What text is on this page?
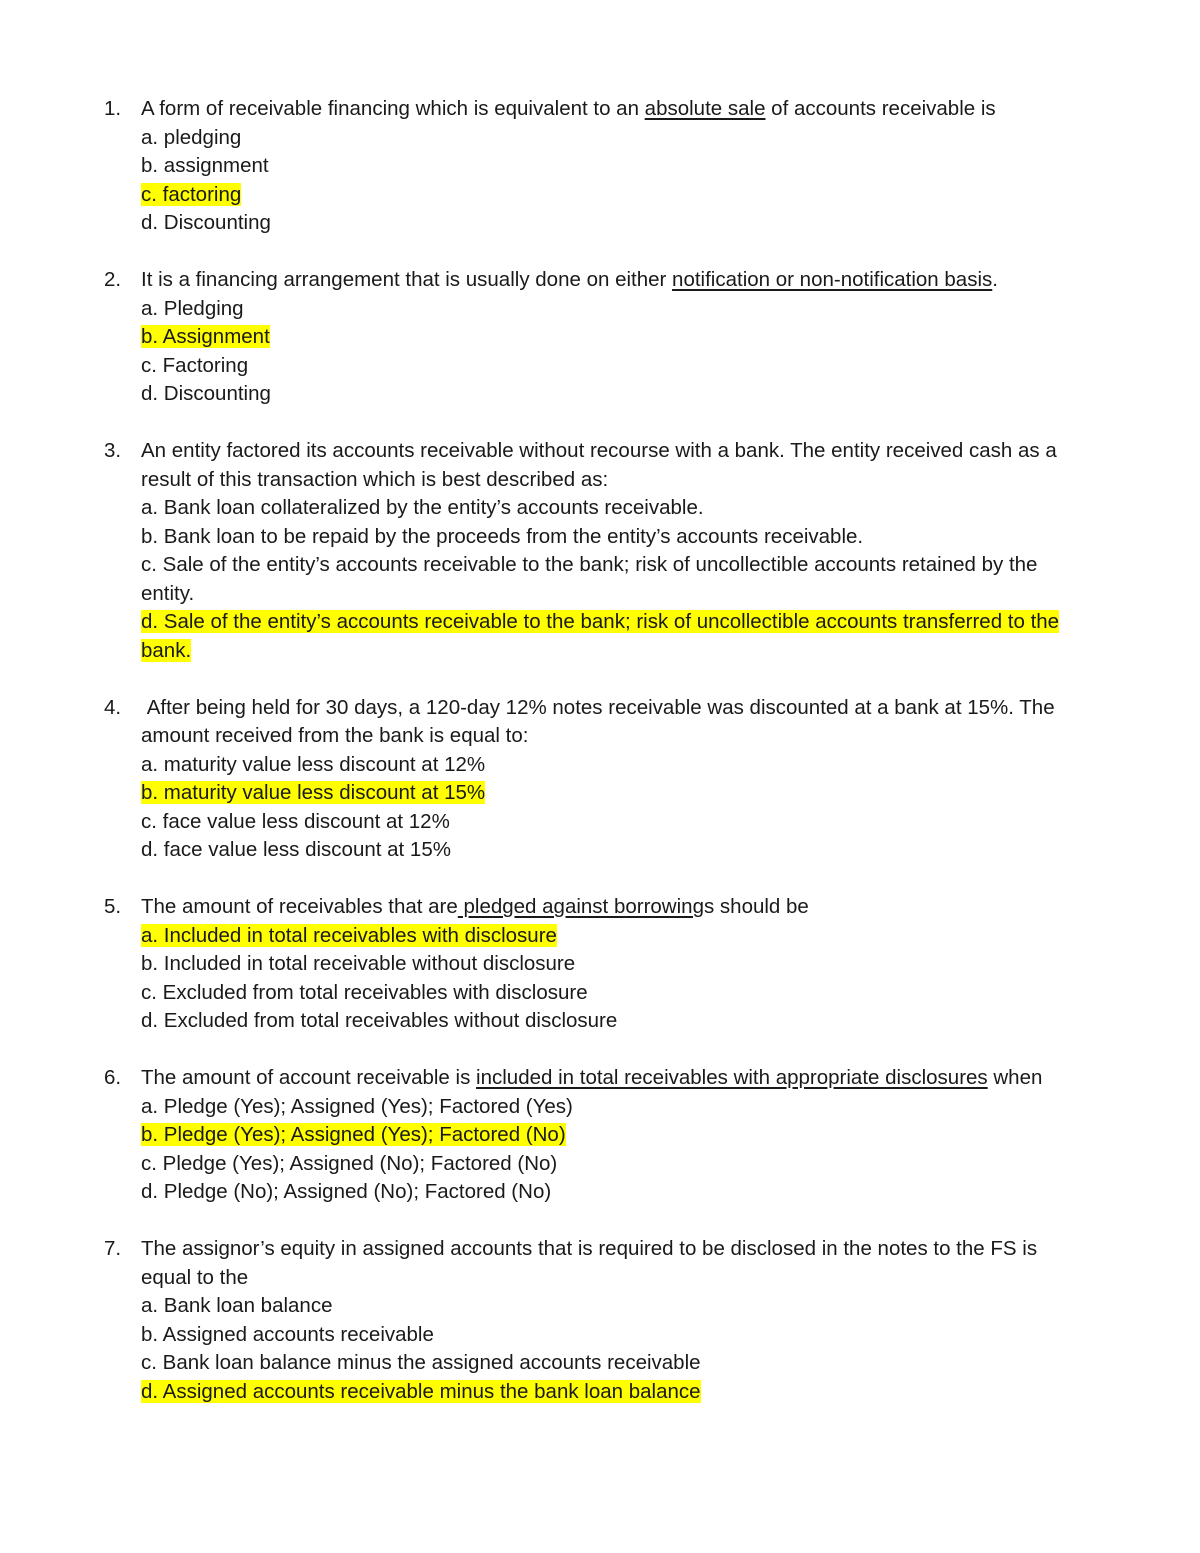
1. A form of receivable financing which is equivalent to an absolute sale of accounts receivable is
a. pledging
b. assignment
c. factoring
d. Discounting
2. It is a financing arrangement that is usually done on either notification or non-notification basis.
a. Pledging
b. Assignment
c. Factoring
d. Discounting
3. An entity factored its accounts receivable without recourse with a bank. The entity received cash as a result of this transaction which is best described as:
a. Bank loan collateralized by the entity’s accounts receivable.
b. Bank loan to be repaid by the proceeds from the entity’s accounts receivable.
c. Sale of the entity’s accounts receivable to the bank; risk of uncollectible accounts retained by the entity.
d. Sale of the entity’s accounts receivable to the bank; risk of uncollectible accounts transferred to the bank.
4. After being held for 30 days, a 120-day 12% notes receivable was discounted at a bank at 15%. The amount received from the bank is equal to:
a. maturity value less discount at 12%
b. maturity value less discount at 15%
c. face value less discount at 12%
d. face value less discount at 15%
5. The amount of receivables that are pledged against borrowings should be
a. Included in total receivables with disclosure
b. Included in total receivable without disclosure
c. Excluded from total receivables with disclosure
d. Excluded from total receivables without disclosure
6. The amount of account receivable is included in total receivables with appropriate disclosures when
a. Pledge (Yes); Assigned (Yes); Factored (Yes)
b. Pledge (Yes); Assigned (Yes); Factored (No)
c. Pledge (Yes); Assigned (No); Factored (No)
d. Pledge (No); Assigned (No); Factored (No)
7. The assignor’s equity in assigned accounts that is required to be disclosed in the notes to the FS is equal to the
a. Bank loan balance
b. Assigned accounts receivable
c. Bank loan balance minus the assigned accounts receivable
d. Assigned accounts receivable minus the bank loan balance
